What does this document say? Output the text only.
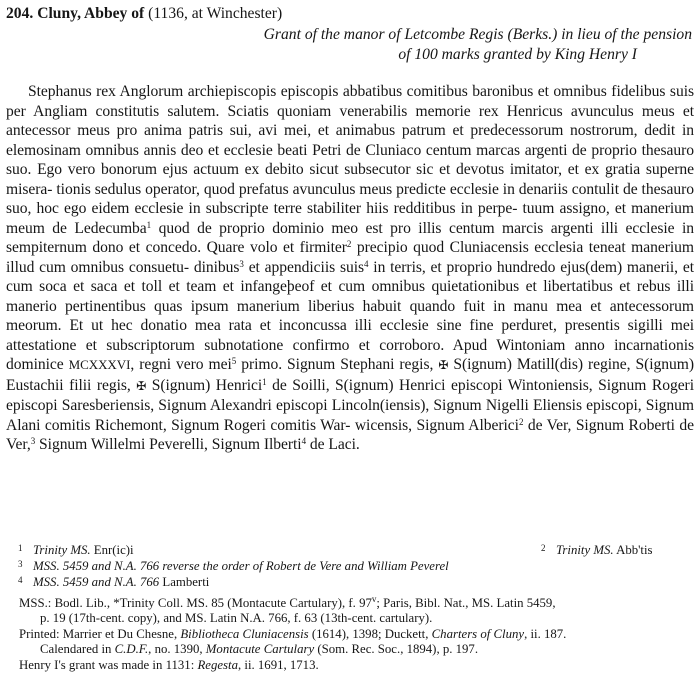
204. Cluny, Abbey of (1136, at Winchester)
Grant of the manor of Letcombe Regis (Berks.) in lieu of the pension
of 100 marks granted by King Henry I
Stephanus rex Anglorum archiepiscopis episcopis abbatibus comitibus baronibus et omnibus fidelibus suis per Angliam constitutis salutem. Sciatis quoniam venerabilis memorie rex Henricus avunculus meus et antecessor meus pro anima patris sui, avi mei, et animabus patrum et predecessorum nostrorum, dedit in elemosinam omnibus annis deo et ecclesie beati Petri de Cluniaco centum marcas argenti de proprio thesauro suo. Ego vero bonorum ejus actuum ex debito sicut subsecutor sic et devotus imitator, et ex gratia superne misera- tionis sedulus operator, quod prefatus avunculus meus predicte ecclesie in denariis contulit de thesauro suo, hoc ego eidem ecclesie in subscripte terre stabiliter hiis redditibus in perpe- tuum assigno, et manerium meum de Ledecumba$^1$ quod de proprio dominio meo est pro illis centum marcis argenti illi ecclesie in sempiternum dono et concedo. Quare volo et firmiter$^2$ precipio quod Cluniacensis ecclesia teneat manerium illud cum omnibus consuetu- dinibus$^3$ et appendiciis suis$^4$ in terris, et proprio hundredo ejus(dem) manerii, et cum soca et saca et toll et team et infangeþeof et cum omnibus quietationibus et libertatibus et rebus illi manerio pertinentibus quas ipsum manerium liberius habuit quando fuit in manu mea et antecessorum meorum. Et ut hec donatio mea rata et inconcussa illi ecclesie sine fine perduret, presentis sigilli mei attestatione et subscriptorum subnotatione confirmo et corroboro. Apud Wintoniam anno incarnationis dominice MCXXXVI, regni vero mei$^5$ primo. Signum Stephani regis, ✠ S(ignum) Matill(dis) regine, S(ignum) Eustachii filii regis, ✠ S(ignum) Henrici$^1$ de Soilli, S(ignum) Henrici episcopi Wintoniensis, Signum Rogeri episcopi Saresberiensis, Signum Alexandri episcopi Lincoln(iensis), Signum Nigelli Eliensis episcopi, Signum Alani comitis Richemont, Signum Rogeri comitis War- wicensis, Signum Alberici$^2$ de Ver, Signum Roberti de Ver,$^3$ Signum Willelmi Peverelli, Signum Ilberti$^4$ de Laci.
1 Trinity MS. Enr(ic)i	2 Trinity MS. Abb'tis
3 MSS. 5459 and N.A. 766 reverse the order of Robert de Vere and William Peverel
4 MSS. 5459 and N.A. 766 Lamberti
MSS.: Bodl. Lib., *Trinity Coll. MS. 85 (Montacute Cartulary), f. 97$^v$; Paris, Bibl. Nat., MS. Latin 5459,
p. 19 (17th-cent. copy), and MS. Latin N.A. 766, f. 63 (13th-cent. cartulary).
Printed: Marrier et Du Chesne, Bibliotheca Cluniacensis (1614), 1398; Duckett, Charters of Cluny, ii. 187.
Calendared in C.D.F., no. 1390, Montacute Cartulary (Som. Rec. Soc., 1894), p. 197.
Henry I's grant was made in 1131: Regesta, ii. 1691, 1713.
